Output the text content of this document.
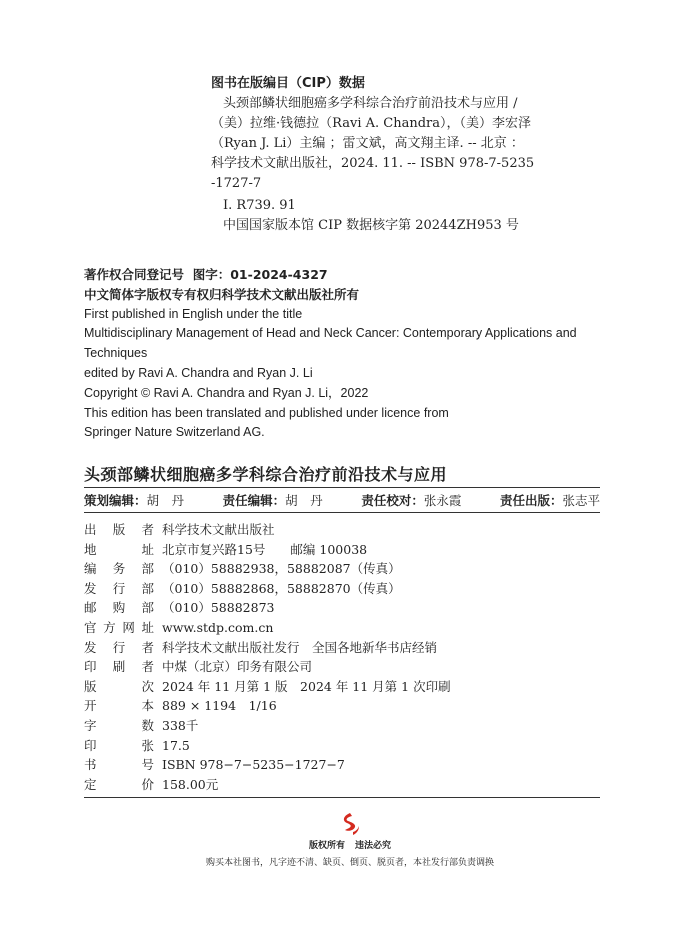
图书在版编目（CIP）数据
头颈部鳞状细胞癌多学科综合治疗前沿技术与应用 /
（美）拉维·钱德拉（Ravi A. Chandra），（美）李宏泽
（Ryan J. Li）主编 ；雷文斌，高文翔主译. -- 北京 ：
科学技术文献出版社，2024. 11. -- ISBN 978-7-5235
-1727-7
Ⅰ. R739. 91
中国国家版本馆 CIP 数据核字第 20244ZH953 号
著作权合同登记号 图字：01-2024-4327
中文简体字版权专有权归科学技术文献出版社所有
First published in English under the title
Multidisciplinary Management of Head and Neck Cancer: Contemporary Applications and
Techniques
edited by Ravi A. Chandra and Ryan J. Li
Copyright © Ravi A. Chandra and Ryan J. Li，2022
This edition has been translated and published under licence from
Springer Nature Switzerland AG.
头颈部鳞状细胞癌多学科综合治疗前沿技术与应用
策划编辑：胡　丹	责任编辑：胡　丹	责任校对：张永霞	责任出版：张志平
出 版 者 科学技术文献出版社
地	址 北京市复兴路15号　　邮编 100038
编 务 部 （010）58882938，58882087（传真）
发 行 部 （010）58882868，58882870（传真）
邮 购 部 （010）58882873
官 方 网 址 www.stdp.com.cn
发 行 者 科学技术文献出版社发行　全国各地新华书店经销
印 刷 者 中煤（北京）印务有限公司
版	次 2024 年 11 月第 1 版　2024 年 11 月第 1 次印刷
开	本 889 × 1194　1/16
字	数 338千
印	张 17.5
书	号 ISBN 978−7−5235−1727−7
定	价 158.00元
版权所有 违法必究
购买本社图书，凡字迹不清、缺页、倒页、脱页者，本社发行部负责调换
